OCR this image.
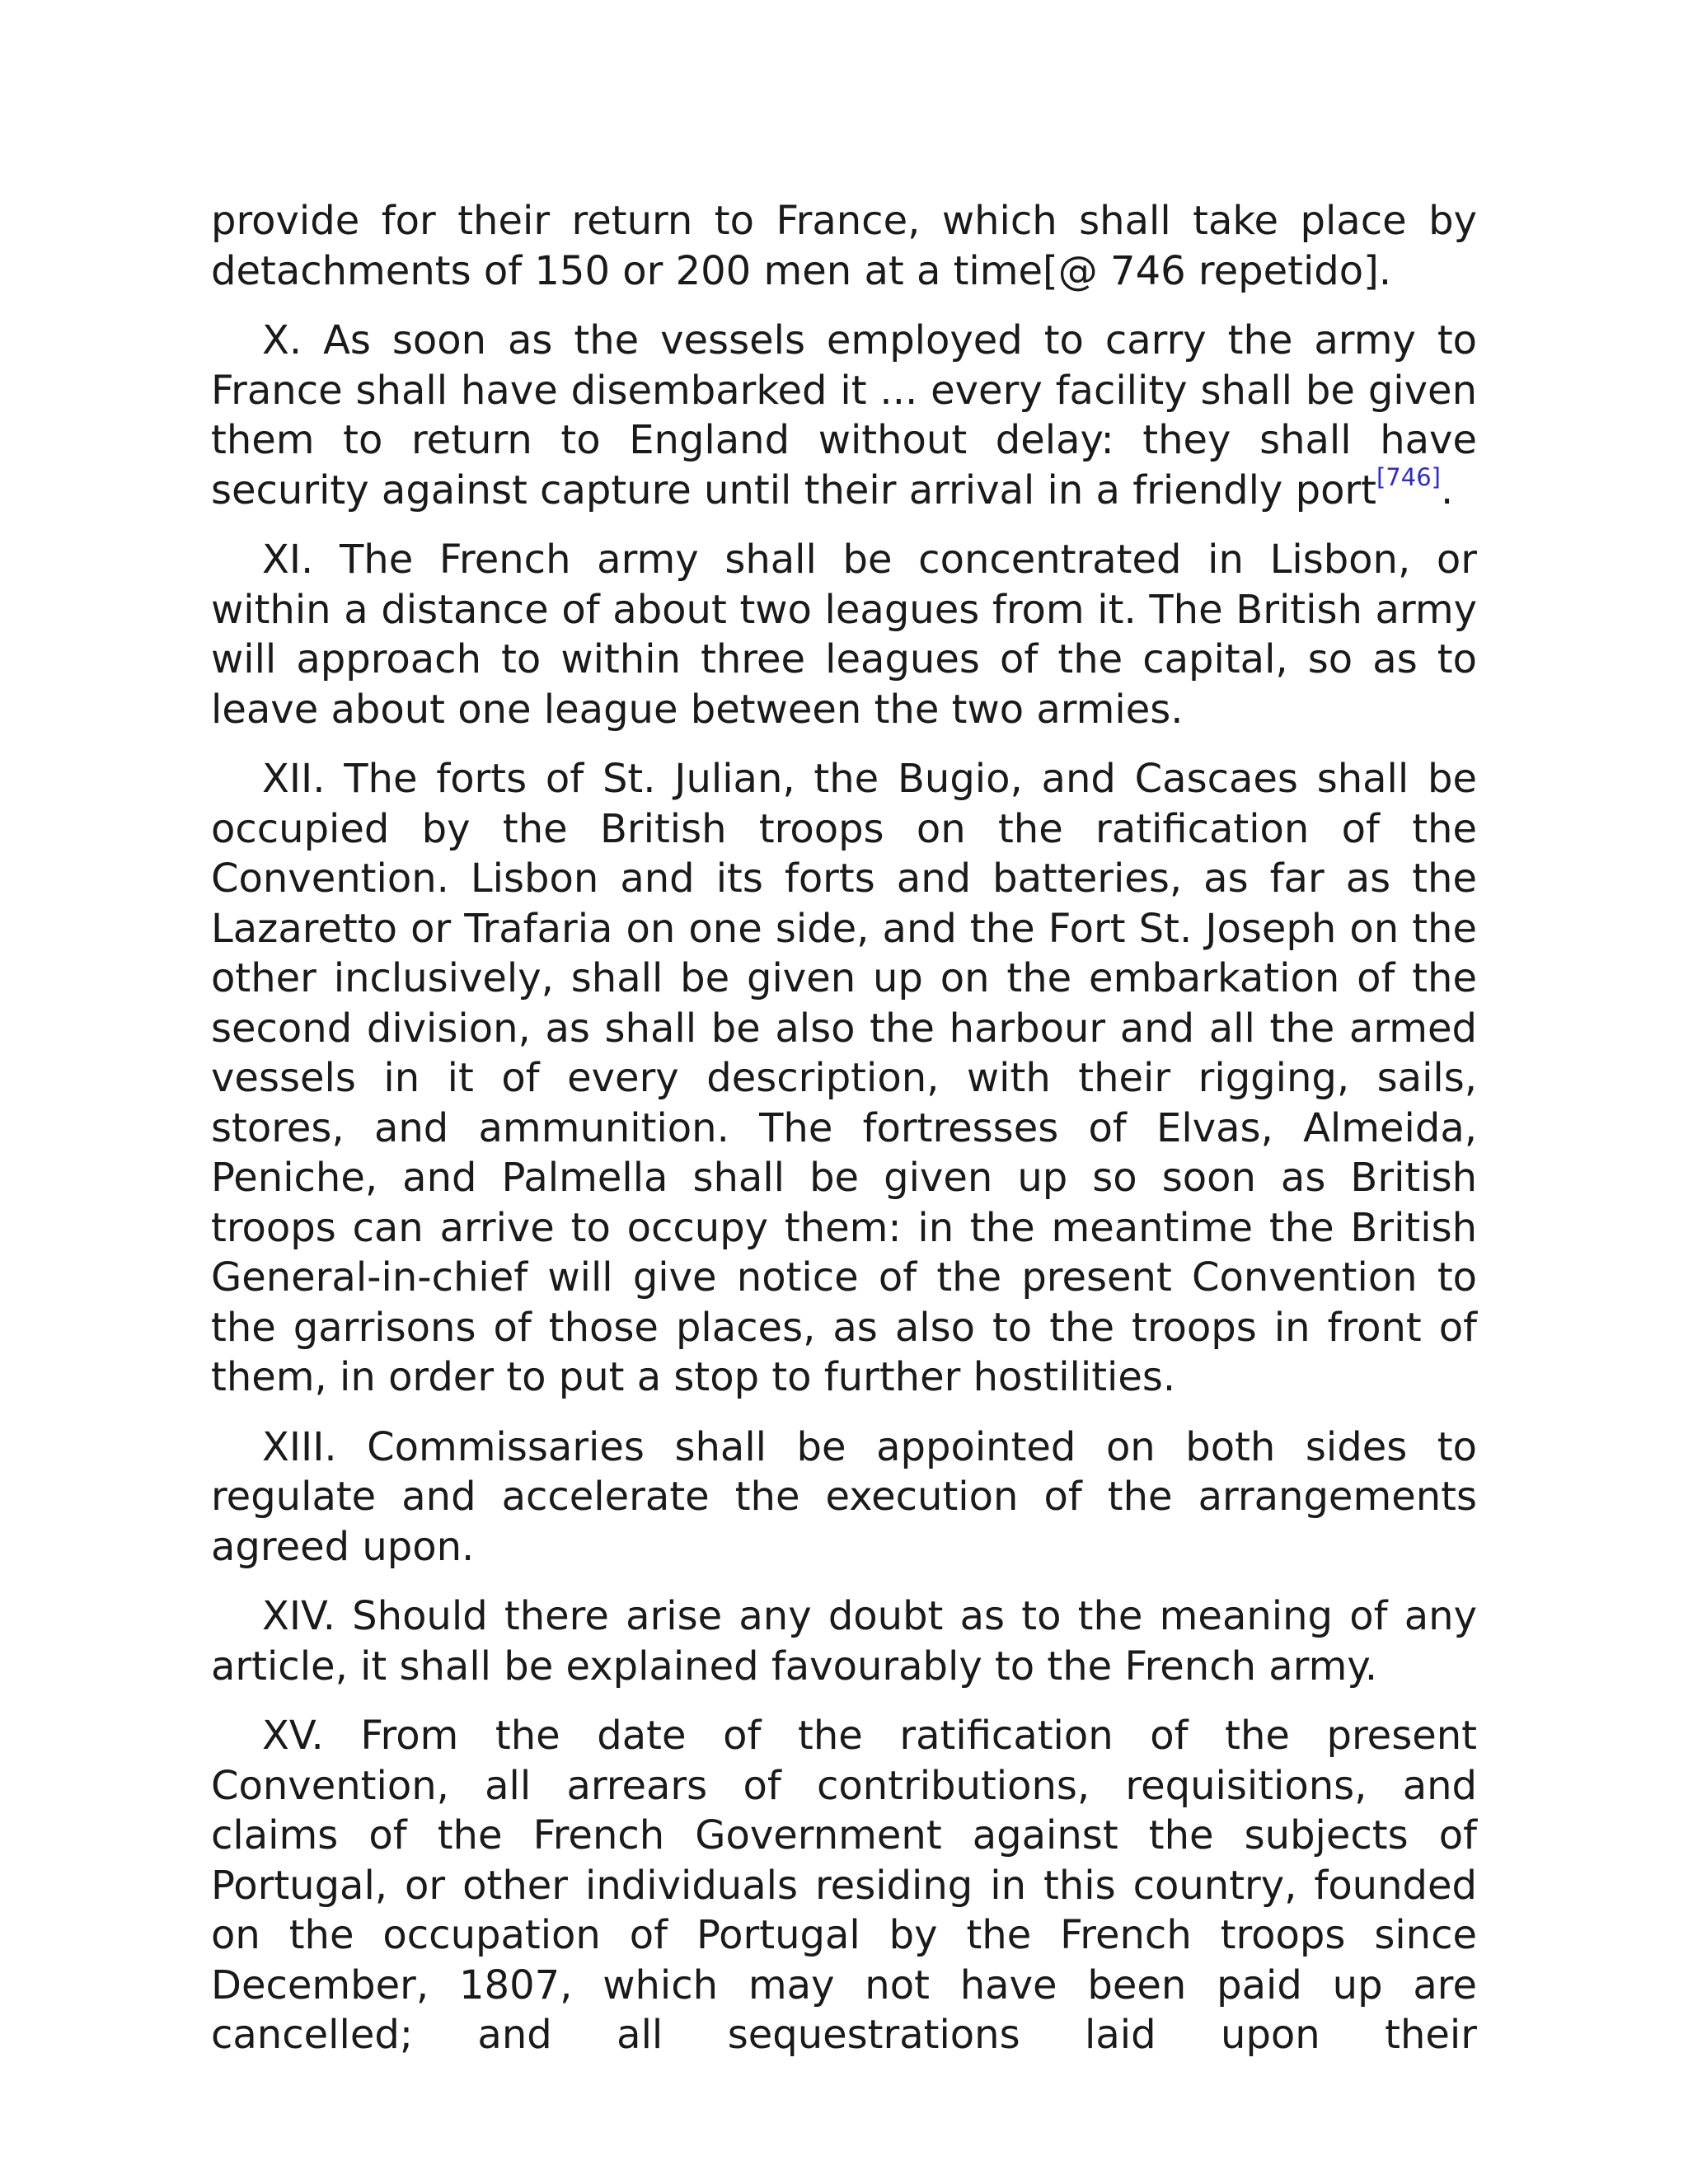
provide for their return to France, which shall take place by detachments of 150 or 200 men at a time[@ 746 repetido].

X. As soon as the vessels employed to carry the army to France shall have disembarked it ... every facility shall be given them to return to England without delay: they shall have security against capture until their arrival in a friendly port[746].

XI. The French army shall be concentrated in Lisbon, or within a distance of about two leagues from it. The British army will approach to within three leagues of the capital, so as to leave about one league between the two armies.

XII. The forts of St. Julian, the Bugio, and Cascaes shall be occupied by the British troops on the ratification of the Convention. Lisbon and its forts and batteries, as far as the Lazaretto or Trafaria on one side, and the Fort St. Joseph on the other inclusively, shall be given up on the embarkation of the second division, as shall be also the harbour and all the armed vessels in it of every description, with their rigging, sails, stores, and ammunition. The fortresses of Elvas, Almeida, Peniche, and Palmella shall be given up so soon as British troops can arrive to occupy them: in the meantime the British General-in-chief will give notice of the present Convention to the garrisons of those places, as also to the troops in front of them, in order to put a stop to further hostilities.

XIII. Commissaries shall be appointed on both sides to regulate and accelerate the execution of the arrangements agreed upon.

XIV. Should there arise any doubt as to the meaning of any article, it shall be explained favourably to the French army.

XV. From the date of the ratification of the present Convention, all arrears of contributions, requisitions, and claims of the French Government against the subjects of Portugal, or other individuals residing in this country, founded on the occupation of Portugal by the French troops since December, 1807, which may not have been paid up are cancelled; and all sequestrations laid upon their
